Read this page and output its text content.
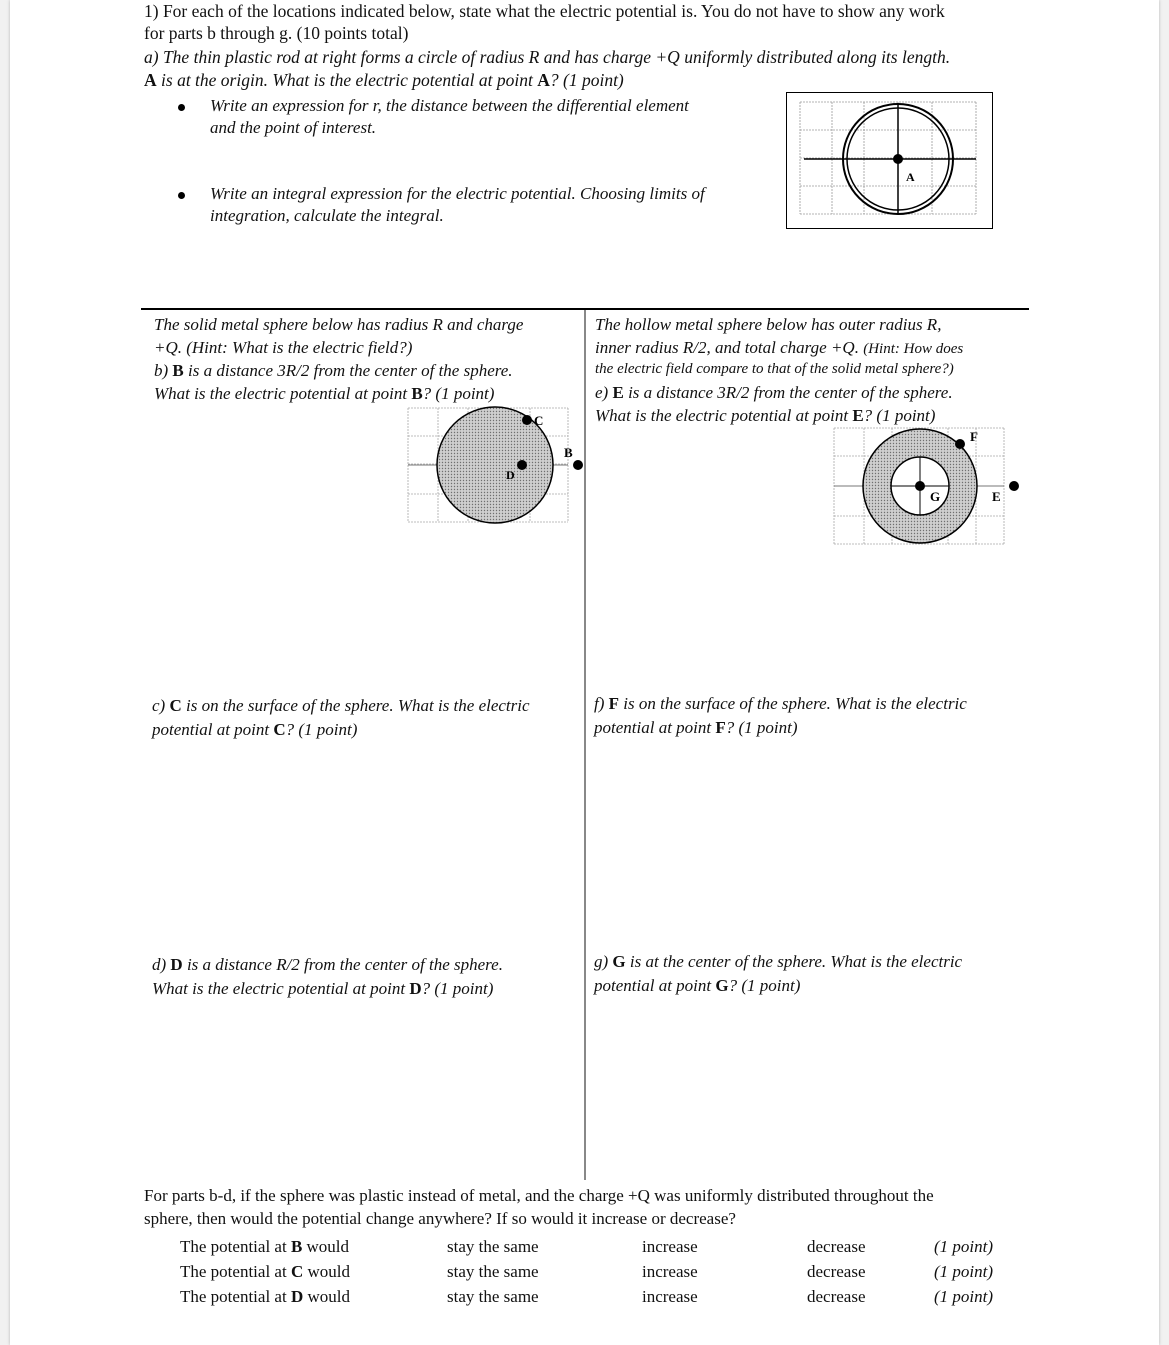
1) For each of the locations indicated below, state what the electric potential is. You do not have to show any work
for parts b through g. (10 points total)
a) The thin plastic rod at right forms a circle of radius R and has charge +Q uniformly distributed along its length.
A is at the origin. What is the electric potential at point A? (1 point)
Write an expression for r, the distance between the differential element
and the point of interest.
Write an integral expression for the electric potential. Choosing limits of
integration, calculate the integral.
A
The solid metal sphere below has radius R and charge
+Q. (Hint: What is the electric field?)
b) B is a distance 3R/2 from the center of the sphere.
What is the electric potential at point B? (1 point)
C
B
D
c) C is on the surface of the sphere. What is the electric
potential at point C? (1 point)
d) D is a distance R/2 from the center of the sphere.
What is the electric potential at point D? (1 point)
The hollow metal sphere below has outer radius R,
inner radius R/2, and total charge +Q. (Hint: How does
the electric field compare to that of the solid metal sphere?)
e) E is a distance 3R/2 from the center of the sphere.
What is the electric potential at point E? (1 point)
G
F
E
f) F is on the surface of the sphere. What is the electric
potential at point F? (1 point)
g) G is at the center of the sphere. What is the electric
potential at point G? (1 point)
For parts b-d, if the sphere was plastic instead of metal, and the charge +Q was uniformly distributed throughout the
sphere, then would the potential change anywhere? If so would it increase or decrease?
The potential at B would	stay the same	increase	decrease	(1 point)
The potential at C would	stay the same	increase	decrease	(1 point)
The potential at D would	stay the same	increase	decrease	(1 point)
